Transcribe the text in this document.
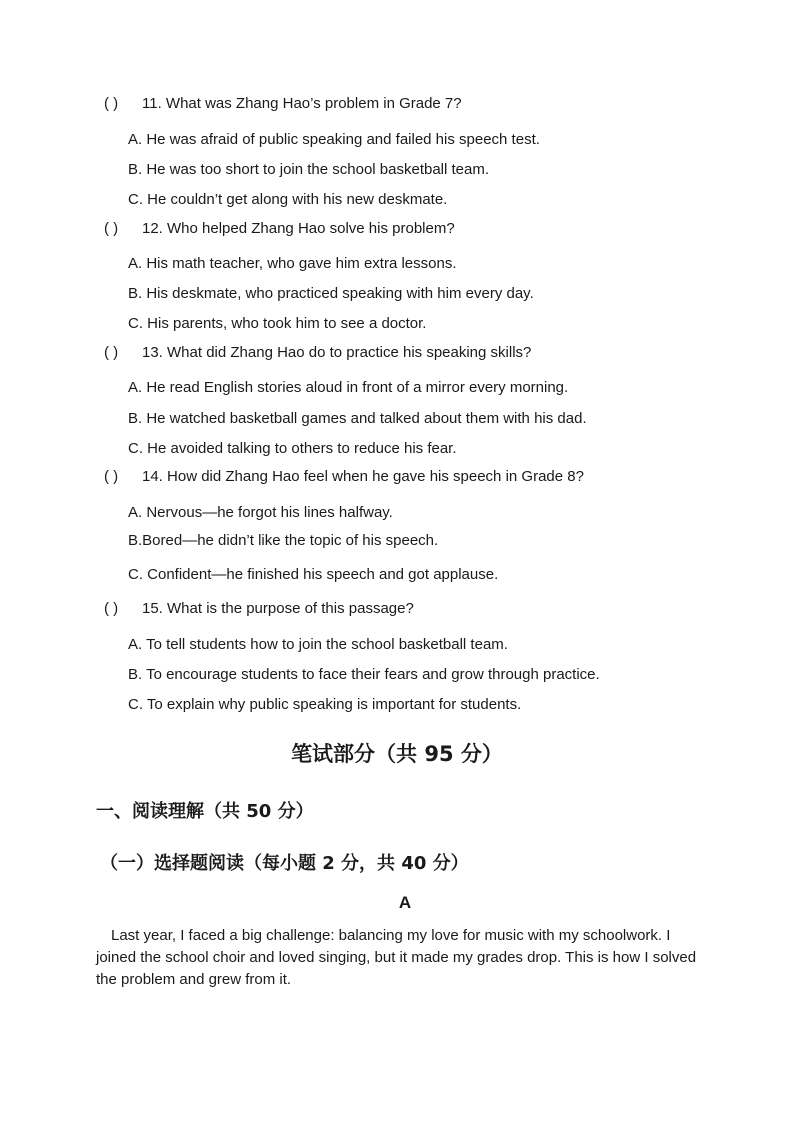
( ) 11. What was Zhang Hao’s problem in Grade 7?
A. He was afraid of public speaking and failed his speech test.
B. He was too short to join the school basketball team.
C. He couldn’t get along with his new deskmate.
( ) 12. Who helped Zhang Hao solve his problem?
A. His math teacher, who gave him extra lessons.
B. His deskmate, who practiced speaking with him every day.
C. His parents, who took him to see a doctor.
( ) 13. What did Zhang Hao do to practice his speaking skills?
A. He read English stories aloud in front of a mirror every morning.
B. He watched basketball games and talked about them with his dad.
C. He avoided talking to others to reduce his fear.
( ) 14. How did Zhang Hao feel when he gave his speech in Grade 8?
A. Nervous—he forgot his lines halfway.
B.Bored—he didn’t like the topic of his speech.
C. Confident—he finished his speech and got applause.
( ) 15. What is the purpose of this passage?
A. To tell students how to join the school basketball team.
B. To encourage students to face their fears and grow through practice.
C. To explain why public speaking is important for students.
笔试部分（共 95 分）
一、阅读理解（共 50 分）
（一）选择题阅读（每小题 2 分，共 40 分）
A

Last year, I faced a big challenge: balancing my love for music with my schoolwork. I joined the school choir and loved singing, but it made my grades drop. This is how I solved the problem and grew from it.
